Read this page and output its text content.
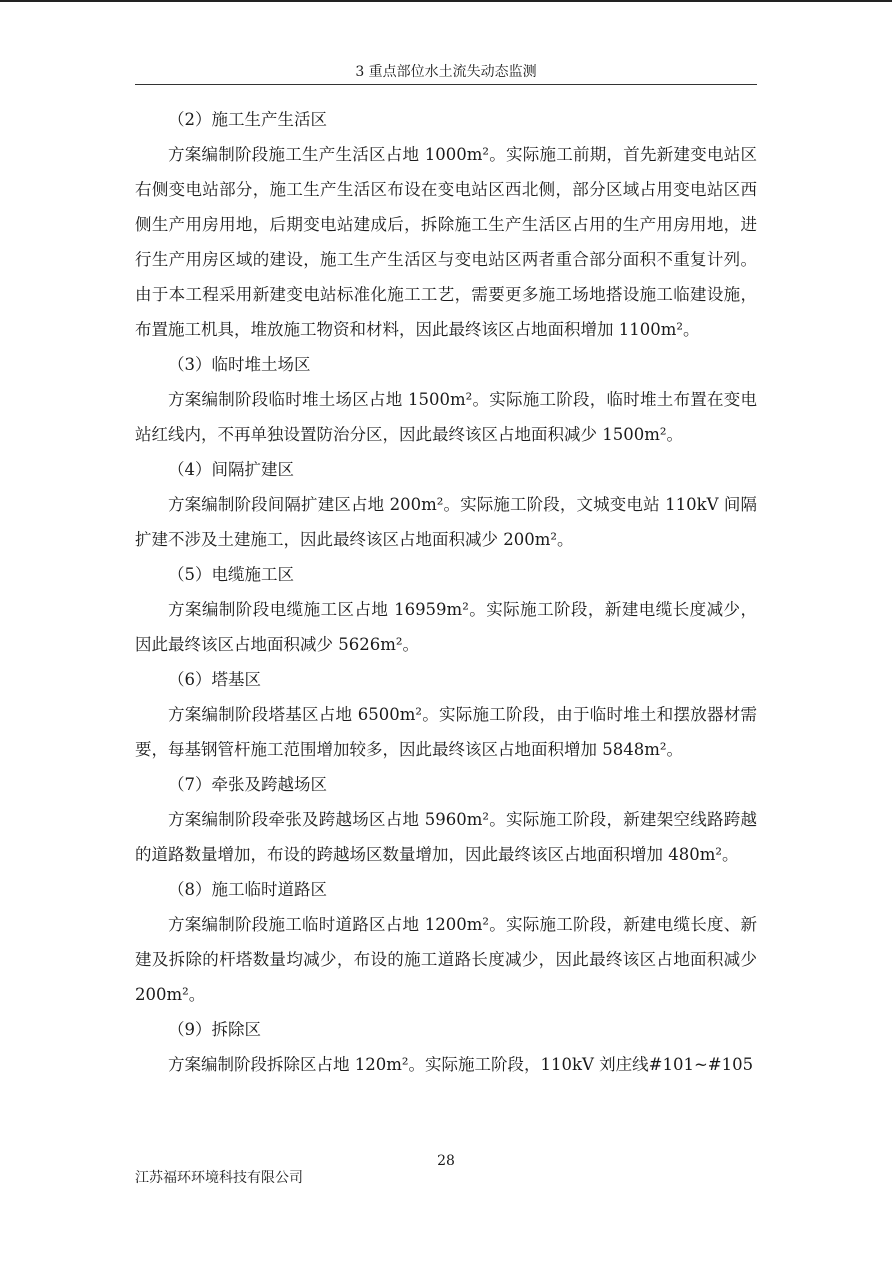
3 重点部位水土流失动态监测

（2）施工生产生活区

方案编制阶段施工生产生活区占地 1000m²。实际施工前期，首先新建变电站区右侧变电站部分，施工生产生活区布设在变电站区西北侧，部分区域占用变电站区西侧生产用房用地，后期变电站建成后，拆除施工生产生活区占用的生产用房用地，进行生产用房区域的建设，施工生产生活区与变电站区两者重合部分面积不重复计列。由于本工程采用新建变电站标准化施工工艺，需要更多施工场地搭设施工临建设施，布置施工机具，堆放施工物资和材料，因此最终该区占地面积增加 1100m²。

（3）临时堆土场区

方案编制阶段临时堆土场区占地 1500m²。实际施工阶段，临时堆土布置在变电站红线内，不再单独设置防治分区，因此最终该区占地面积减少 1500m²。

（4）间隔扩建区

方案编制阶段间隔扩建区占地 200m²。实际施工阶段，文城变电站 110kV 间隔扩建不涉及土建施工，因此最终该区占地面积减少 200m²。

（5）电缆施工区

方案编制阶段电缆施工区占地 16959m²。实际施工阶段，新建电缆长度减少，因此最终该区占地面积减少 5626m²。

（6）塔基区

方案编制阶段塔基区占地 6500m²。实际施工阶段，由于临时堆土和摆放器材需要，每基钢管杆施工范围增加较多，因此最终该区占地面积增加 5848m²。

（7）牵张及跨越场区

方案编制阶段牵张及跨越场区占地 5960m²。实际施工阶段，新建架空线路跨越的道路数量增加，布设的跨越场区数量增加，因此最终该区占地面积增加 480m²。

（8）施工临时道路区

方案编制阶段施工临时道路区占地 1200m²。实际施工阶段，新建电缆长度、新建及拆除的杆塔数量均减少，布设的施工道路长度减少，因此最终该区占地面积减少 200m²。

（9）拆除区

方案编制阶段拆除区占地 120m²。实际施工阶段，110kV 刘庄线#101~#105

28
江苏福环环境科技有限公司
